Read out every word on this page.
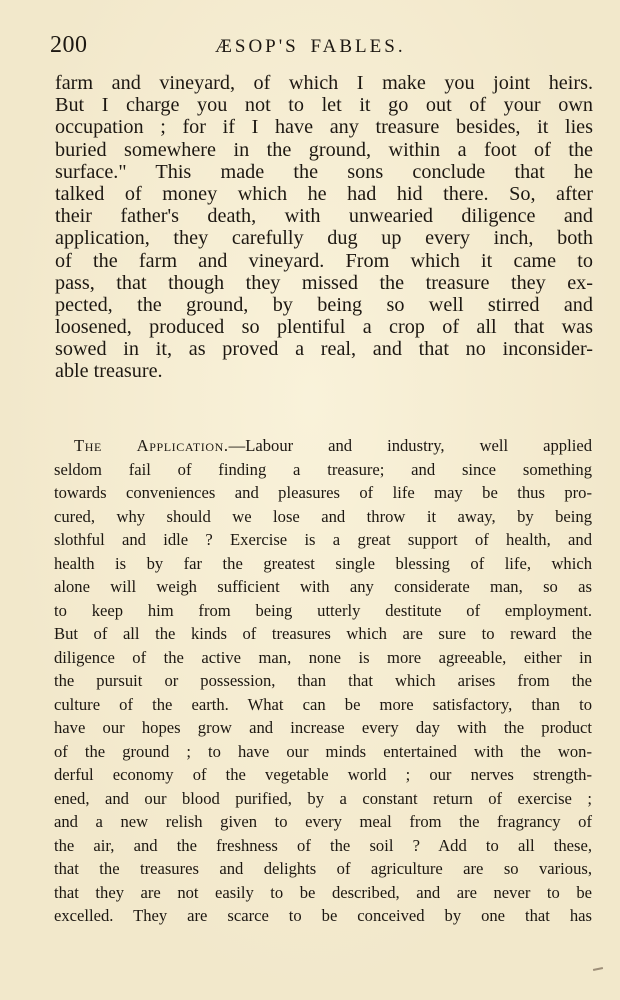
200	ÆSOP'S FABLES.
farm and vineyard, of which I make you joint heirs.
But I charge you not to let it go out of your own
occupation ; for if I have any treasure besides, it lies
buried somewhere in the ground, within a foot of the
surface." This made the sons conclude that he
talked of money which he had hid there. So, after
their father's death, with unwearied diligence and
application, they carefully dug up every inch, both
of the farm and vineyard. From which it came to
pass, that though they missed the treasure they ex-
pected, the ground, by being so well stirred and
loosened, produced so plentiful a crop of all that was
sowed in it, as proved a real, and that no inconsider-
able treasure.
The Application.—Labour and industry, well applied
seldom fail of finding a treasure; and since something
towards conveniences and pleasures of life may be thus pro-
cured, why should we lose and throw it away, by being
slothful and idle ? Exercise is a great support of health, and
health is by far the greatest single blessing of life, which
alone will weigh sufficient with any considerate man, so as
to keep him from being utterly destitute of employment.
But of all the kinds of treasures which are sure to reward the
diligence of the active man, none is more agreeable, either in
the pursuit or possession, than that which arises from the
culture of the earth. What can be more satisfactory, than to
have our hopes grow and increase every day with the product
of the ground ; to have our minds entertained with the won-
derful economy of the vegetable world ; our nerves strength-
ened, and our blood purified, by a constant return of exercise ;
and a new relish given to every meal from the fragrancy of
the air, and the freshness of the soil ? Add to all these,
that the treasures and delights of agriculture are so various,
that they are not easily to be described, and are never to be
excelled. They are scarce to be conceived by one that has
